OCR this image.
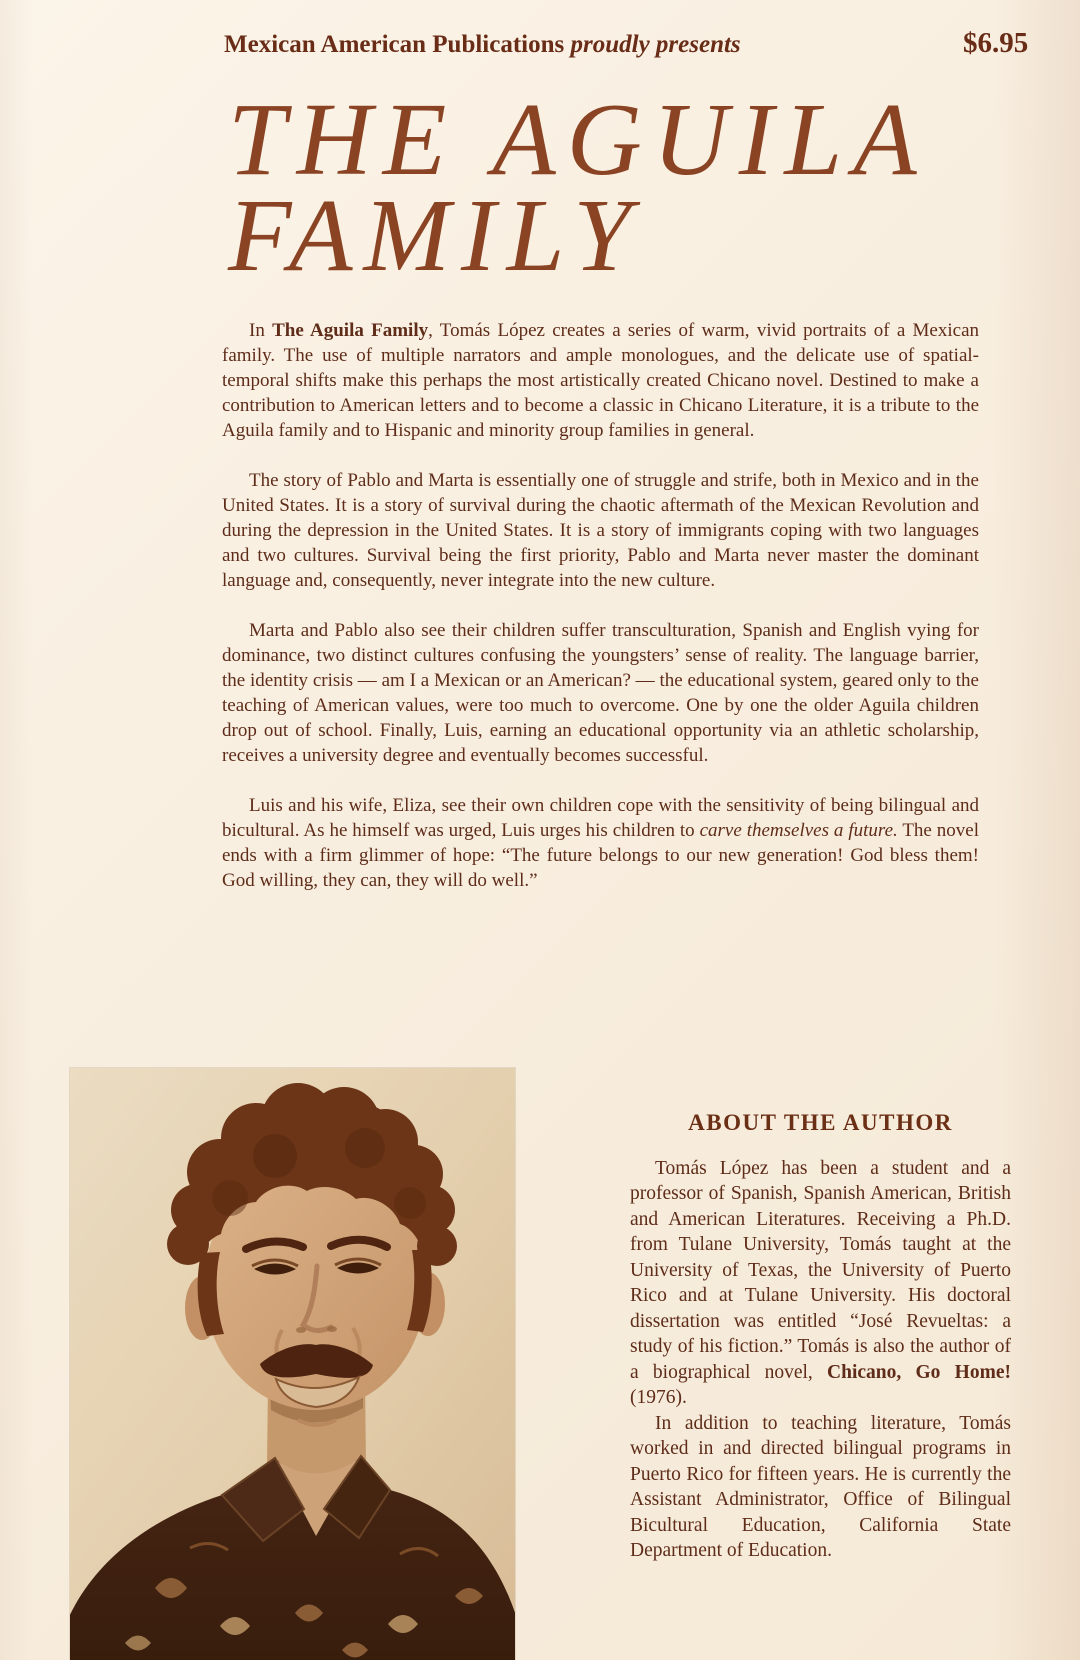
Mexican American Publications proudly presents	$6.95
THE AGUILA
FAMILY

In The Aguila Family, Tomás López creates a series of warm, vivid portraits of a Mexican family. The use of multiple narrators and ample monologues, and the delicate use of spatial-temporal shifts make this perhaps the most artistically created Chicano novel. Destined to make a contribution to American letters and to become a classic in Chicano Literature, it is a tribute to the Aguila family and to Hispanic and minority group families in general.

The story of Pablo and Marta is essentially one of struggle and strife, both in Mexico and in the United States. It is a story of survival during the chaotic aftermath of the Mexican Revolution and during the depression in the United States. It is a story of immigrants coping with two languages and two cultures. Survival being the first priority, Pablo and Marta never master the dominant language and, consequently, never integrate into the new culture.

Marta and Pablo also see their children suffer transculturation, Spanish and English vying for dominance, two distinct cultures confusing the youngsters’ sense of reality. The language barrier, the identity crisis — am I a Mexican or an American? — the educational system, geared only to the teaching of American values, were too much to overcome. One by one the older Aguila children drop out of school. Finally, Luis, earning an educational opportunity via an athletic scholarship, receives a university degree and eventually becomes successful.

Luis and his wife, Eliza, see their own children cope with the sensitivity of being bilingual and bicultural. As he himself was urged, Luis urges his children to carve themselves a future. The novel ends with a firm glimmer of hope: “The future belongs to our new generation! God bless them! God willing, they can, they will do well.”

ABOUT THE AUTHOR

Tomás López has been a student and a professor of Spanish, Spanish American, British and American Literatures. Receiving a Ph.D. from Tulane University, Tomás taught at the University of Texas, the University of Puerto Rico and at Tulane University. His doctoral dissertation was entitled “José Revueltas: a study of his fiction.” Tomás is also the author of a biographical novel, Chicano, Go Home! (1976).

In addition to teaching literature, Tomás worked in and directed bilingual programs in Puerto Rico for fifteen years. He is currently the Assistant Administrator, Office of Bilingual Bicultural Education, California State Department of Education.
